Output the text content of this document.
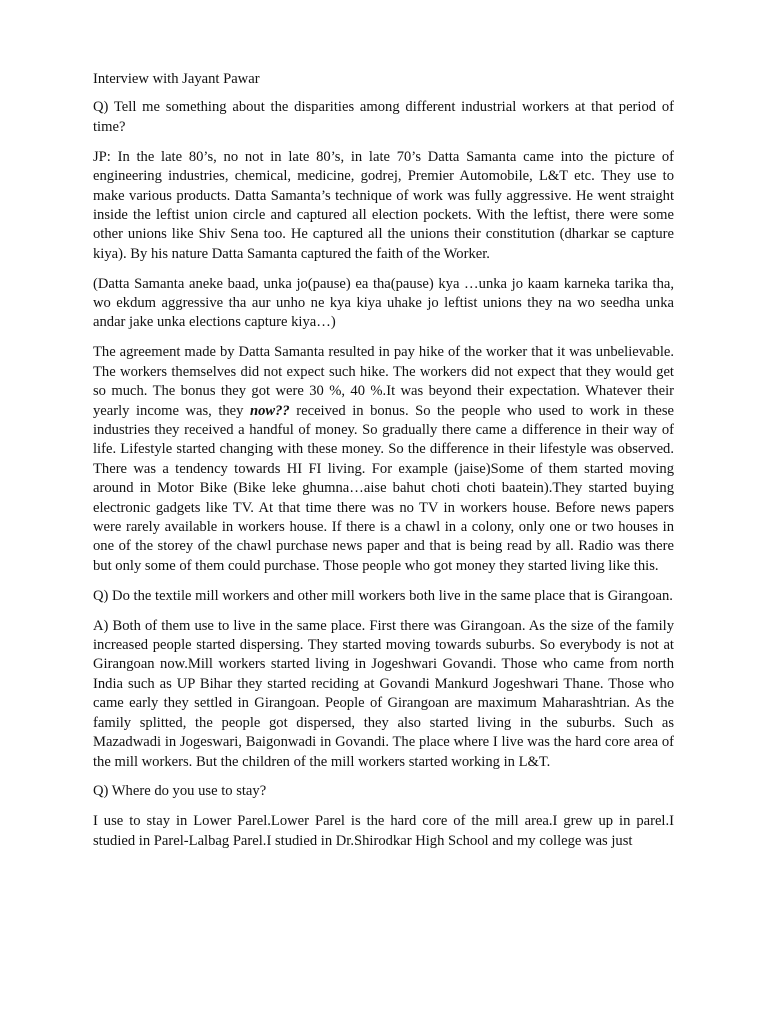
Interview with Jayant Pawar

Q) Tell me something about the disparities among different industrial workers at that period of time?

JP: In the late 80’s, no not in late 80’s, in late 70’s Datta Samanta came into the picture of engineering industries, chemical, medicine, godrej, Premier Automobile, L&T etc. They use to make various products. Datta Samanta’s technique of work was fully aggressive. He went straight inside the leftist union circle and captured all election pockets. With the leftist, there were some other unions like Shiv Sena too. He captured all the unions their constitution (dharkar se capture kiya). By his nature Datta Samanta captured the faith of the Worker.

(Datta Samanta aneke baad, unka jo(pause) ea tha(pause) kya …unka jo kaam karneka tarika tha, wo ekdum aggressive tha aur unho ne kya kiya uhake jo leftist unions they na wo seedha unka andar jake unka elections capture kiya…)

The agreement made by Datta Samanta resulted in pay hike of the worker that it was unbelievable. The workers themselves did not expect such hike. The workers did not expect that they would get so much. The bonus they got were 30 %, 40 %.It was beyond their expectation. Whatever their yearly income was, they now?? received in bonus. So the people who used to work in these industries they received a handful of money. So gradually there came a difference in their way of life. Lifestyle started changing with these money. So the difference in their lifestyle was observed. There was a tendency towards HI FI living. For example (jaise)Some of them started moving around in Motor Bike (Bike leke ghumna…aise bahut choti choti baatein).They started buying electronic gadgets like TV. At that time there was no TV in workers house. Before news papers were rarely available in workers house. If there is a chawl in a colony, only one or two houses in one of the storey of the chawl purchase news paper and that is being read by all. Radio was there but only some of them could purchase. Those people who got money they started living like this.

Q) Do the textile mill workers and other mill workers both live in the same place that is Girangoan.

A) Both of them use to live in the same place. First there was Girangoan. As the size of the family increased people started dispersing. They started moving towards suburbs. So everybody is not at Girangoan now.Mill workers started living in Jogeshwari Govandi. Those who came from north India such as UP Bihar they started reciding at Govandi Mankurd Jogeshwari Thane. Those who came early they settled in Girangoan. People of Girangoan are maximum Maharashtrian. As the family splitted, the people got dispersed, they also started living in the suburbs. Such as Mazadwadi in Jogeswari, Baigonwadi in Govandi. The place where I live was the hard core area of the mill workers. But the children of the mill workers started working in L&T.

Q) Where do you use to stay?

I use to stay in Lower Parel.Lower Parel is the hard core of the mill area.I grew up in parel.I studied in Parel-Lalbag Parel.I studied in Dr.Shirodkar High School and my college was just
